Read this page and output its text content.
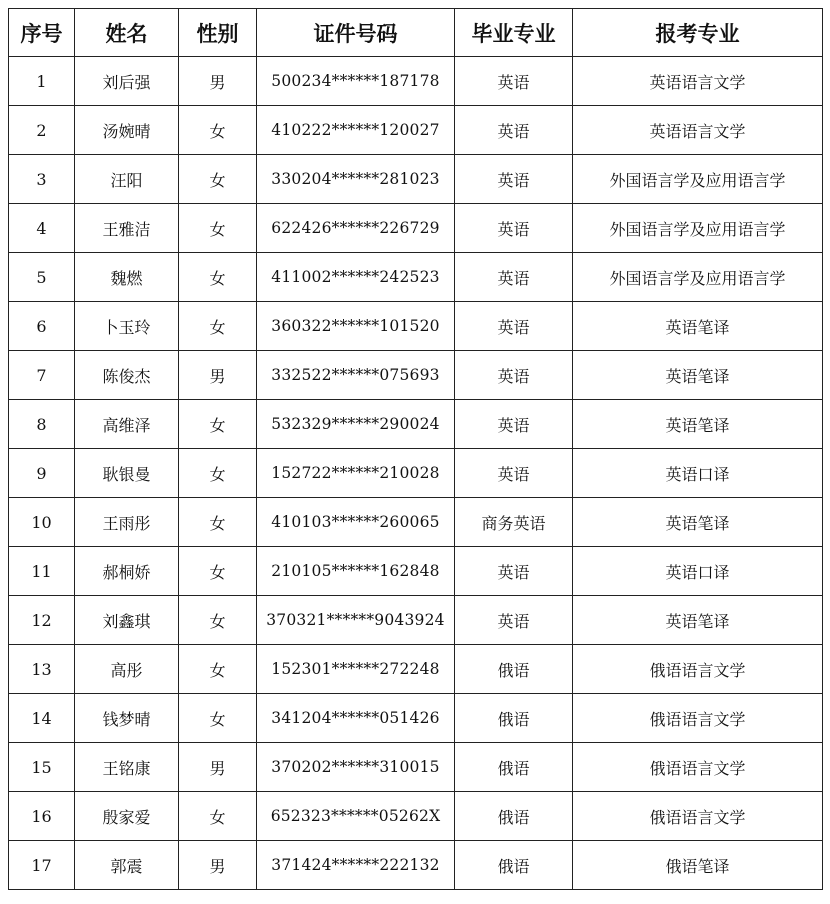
序号	姓名	性别	证件号码	毕业专业	报考专业
1	刘后强	男	500234******187178	英语	英语语言文学
2	汤婉晴	女	410222******120027	英语	英语语言文学
3	汪阳	女	330204******281023	英语	外国语言学及应用语言学
4	王雅洁	女	622426******226729	英语	外国语言学及应用语言学
5	魏燃	女	411002******242523	英语	外国语言学及应用语言学
6	卜玉玲	女	360322******101520	英语	英语笔译
7	陈俊杰	男	332522******075693	英语	英语笔译
8	高维泽	女	532329******290024	英语	英语笔译
9	耿银曼	女	152722******210028	英语	英语口译
10	王雨彤	女	410103******260065	商务英语	英语笔译
11	郝桐娇	女	210105******162848	英语	英语口译
12	刘鑫琪	女	370321******9043924	英语	英语笔译
13	高彤	女	152301******272248	俄语	俄语语言文学
14	钱梦晴	女	341204******051426	俄语	俄语语言文学
15	王铭康	男	370202******310015	俄语	俄语语言文学
16	殷家爱	女	652323******05262X	俄语	俄语语言文学
17	郭震	男	371424******222132	俄语	俄语笔译
